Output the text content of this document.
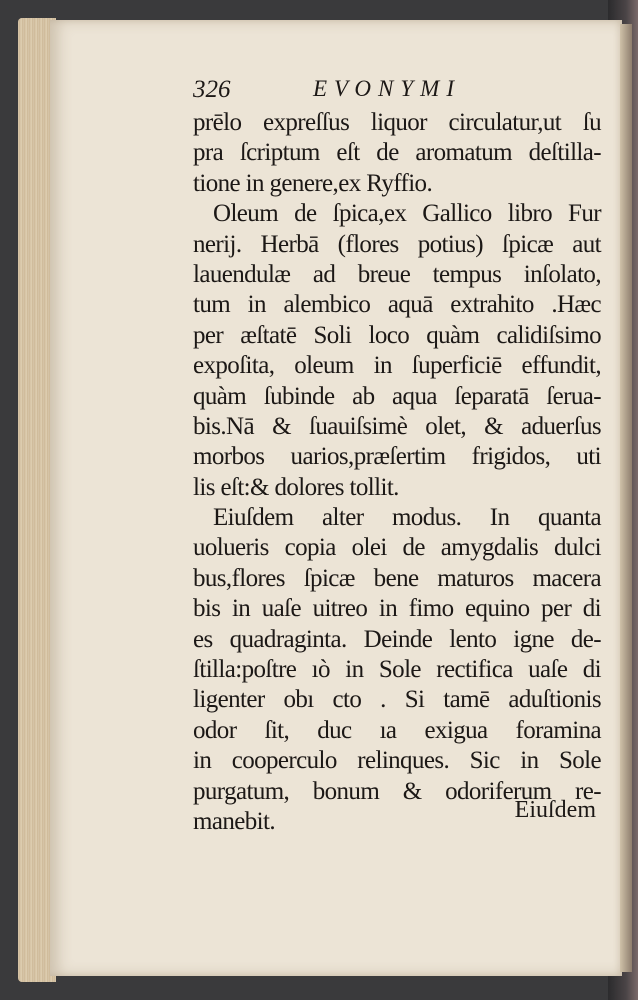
326	EVONYMI
prēlo expreſſus liquor circulatur,ut ſu
pra ſcriptum eſt de aromatum deſtilla-
tione in genere,ex Ryffio.
Oleum de ſpica,ex Gallico libro Fur
nerij. Herbā (flores potius) ſpicæ aut
lauendulæ ad breue tempus inſolato,
tum in alembico aquā extrahito .Hæc
per æſtatē Soli loco quàm calidiſsimo
expoſita, oleum in ſuperficiē effundit,
quàm ſubinde ab aqua ſeparatā ſerua-
bis.Nā & ſuauiſsimè olet, & aduerſus
morbos uarios,præſertim frigidos, uti
lis eſt:& dolores tollit.
Eiuſdem alter modus. In quanta
uolueris copia olei de amygdalis dulci
bus,flores ſpicæ bene maturos macera
bis in uaſe uitreo in fimo equino per di
es quadraginta. Deinde lento igne de-
ſtilla:poſtre ıò in Sole rectifica uaſe di
ligenter obı cto . Si tamē aduſtionis
odor ſit, duc ıa exigua foramina
in cooperculo relinques. Sic in Sole
purgatum, bonum & odoriferum re-
manebit.	Eiuſdem
